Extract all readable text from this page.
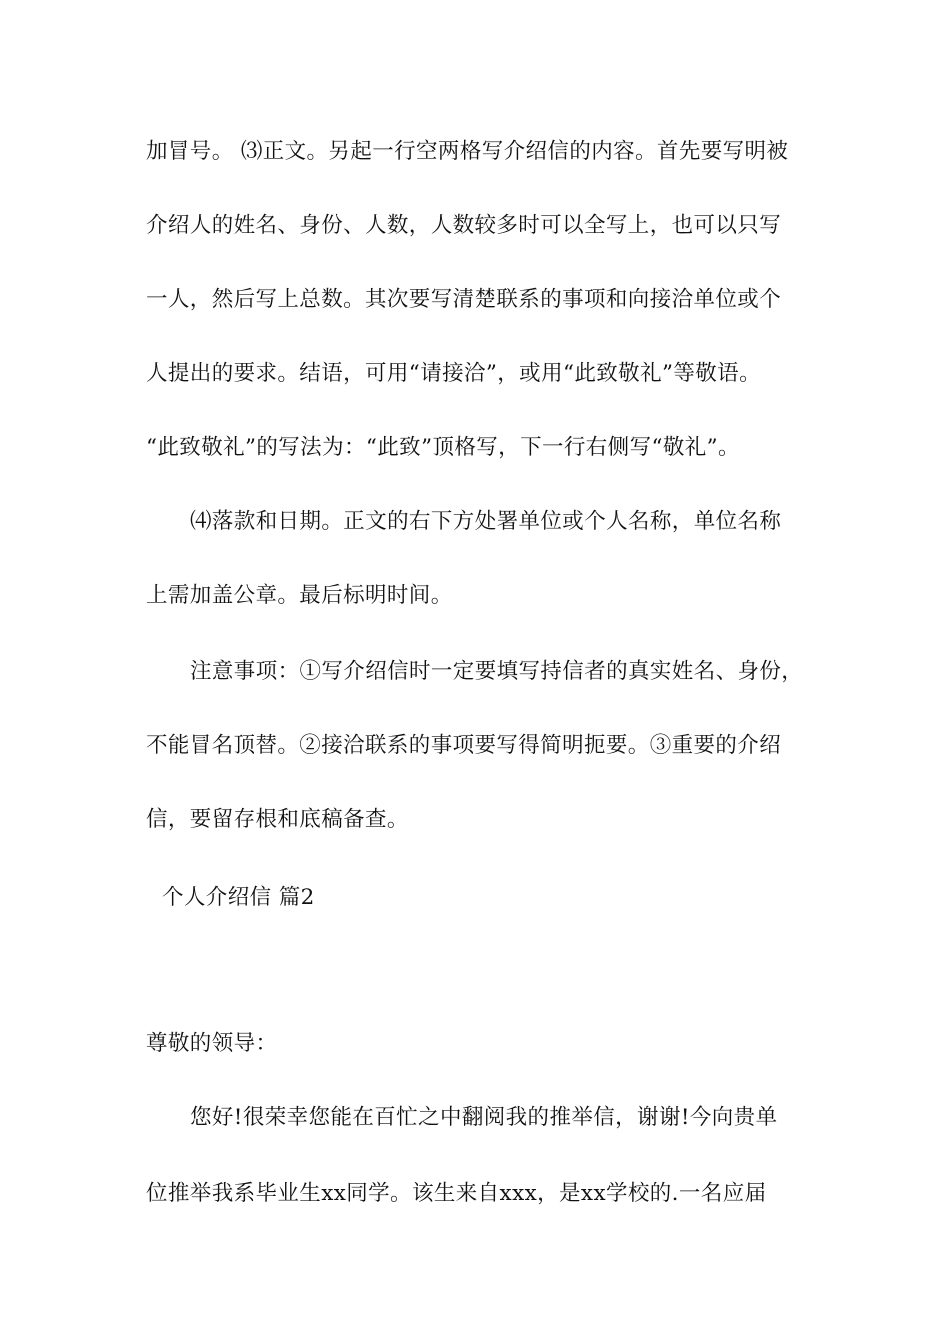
加冒号。 ⑶正文。另起一行空两格写介绍信的内容。首先要写明被
介绍人的姓名、身份、人数，人数较多时可以全写上，也可以只写
一人，然后写上总数。其次要写清楚联系的事项和向接洽单位或个
人提出的要求。结语，可用“请接洽”，或用“此致敬礼”等敬语。
“此致敬礼”的写法为：“此致”顶格写，下一行右侧写“敬礼”。
⑷落款和日期。正文的右下方处署单位或个人名称，单位名称
上需加盖公章。最后标明时间。
注意事项：①写介绍信时一定要填写持信者的真实姓名、身份，
不能冒名顶替。②接洽联系的事项要写得简明扼要。③重要的介绍
信，要留存根和底稿备查。
个人介绍信 篇2
尊敬的领导：
您好!很荣幸您能在百忙之中翻阅我的推举信，谢谢!今向贵单
位推举我系毕业生xx同学。该生来自xxx，是xx学校的.一名应届
